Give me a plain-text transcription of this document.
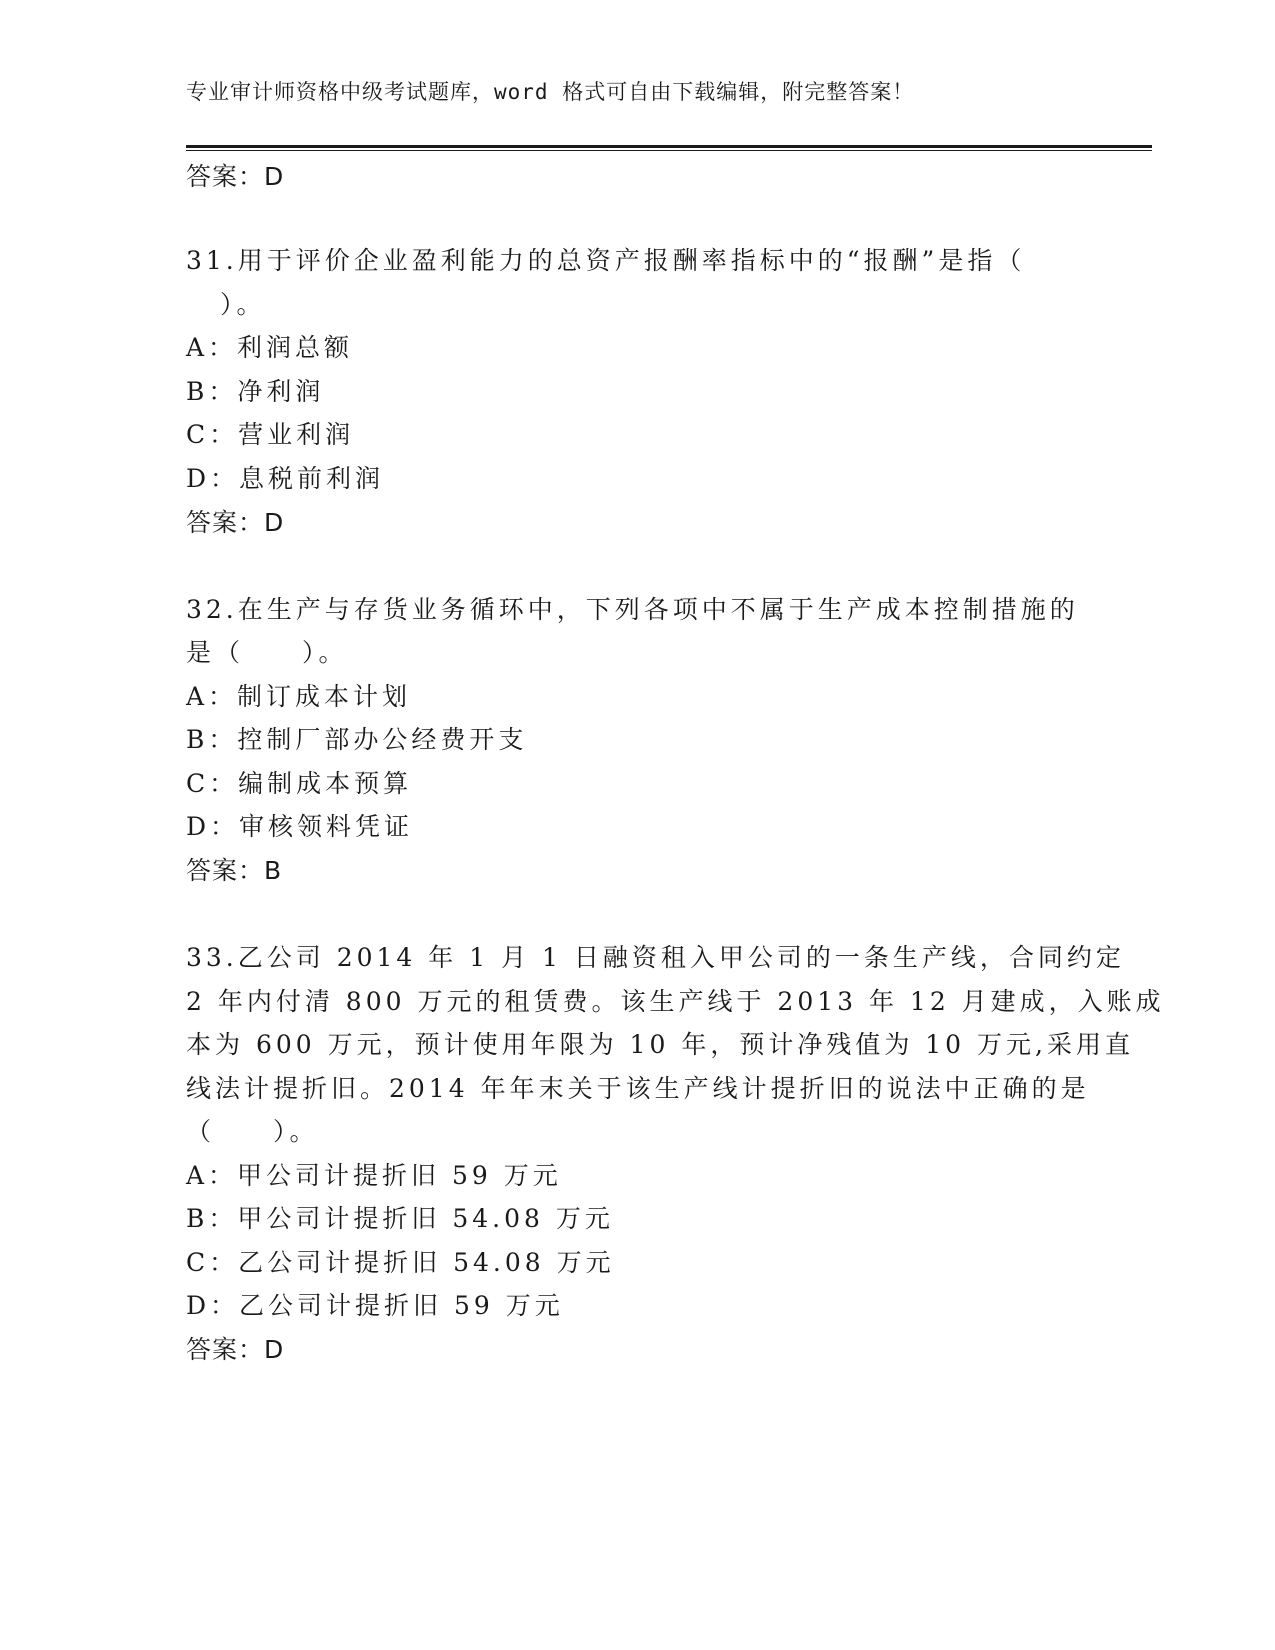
专业审计师资格中级考试题库，word 格式可自由下载编辑，附完整答案！
答案：D
31.用于评价企业盈利能力的总资产报酬率指标中的“报酬”是指（
）。
A：利润总额
B：净利润
C：营业利润
D：息税前利润
答案：D
32.在生产与存货业务循环中，下列各项中不属于生产成本控制措施的
是（　　）。
A：制订成本计划
B：控制厂部办公经费开支
C：编制成本预算
D：审核领料凭证
答案：B
33.乙公司 2014 年 1 月 1 日融资租入甲公司的一条生产线，合同约定
2 年内付清 800 万元的租赁费。该生产线于 2013 年 12 月建成，入账成
本为 600 万元，预计使用年限为 10 年，预计净残值为 10 万元,采用直
线法计提折旧。2014 年年末关于该生产线计提折旧的说法中正确的是
（　　）。
A：甲公司计提折旧 59 万元
B：甲公司计提折旧 54.08 万元
C：乙公司计提折旧 54.08 万元
D：乙公司计提折旧 59 万元
答案：D
